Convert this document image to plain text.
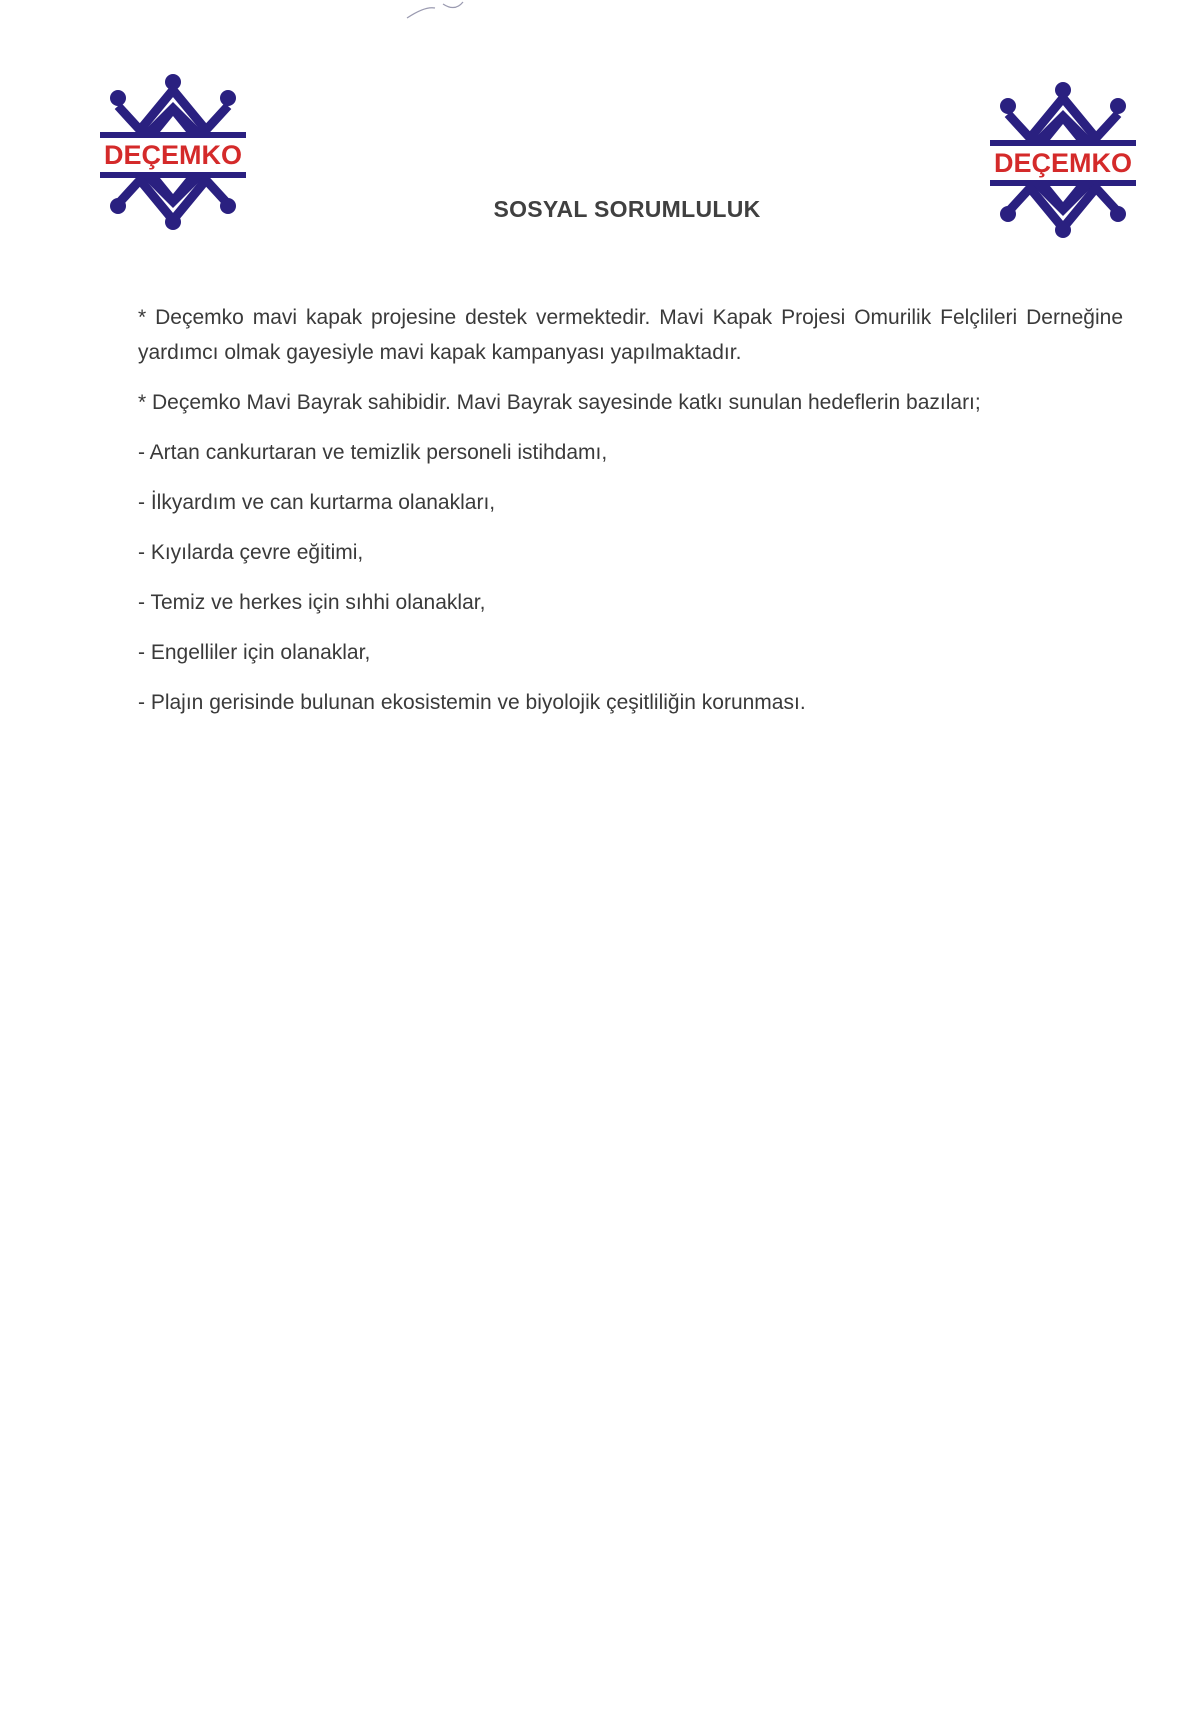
DEÇEMKO	DEÇEMKO
SOSYAL SORUMLULUK

* Deçemko mavi kapak projesine destek vermektedir. Mavi Kapak Projesi Omurilik Felçlileri Derneğine yardımcı olmak gayesiyle mavi kapak kampanyası yapılmaktadır.

* Deçemko Mavi Bayrak sahibidir. Mavi Bayrak sayesinde katkı sunulan hedeflerin bazıları;

- Artan cankurtaran ve temizlik personeli istihdamı,

- İlkyardım ve can kurtarma olanakları,

- Kıyılarda çevre eğitimi,

- Temiz ve herkes için sıhhi olanaklar,

- Engelliler için olanaklar,

- Plajın gerisinde bulunan ekosistemin ve biyolojik çeşitliliğin korunması.
